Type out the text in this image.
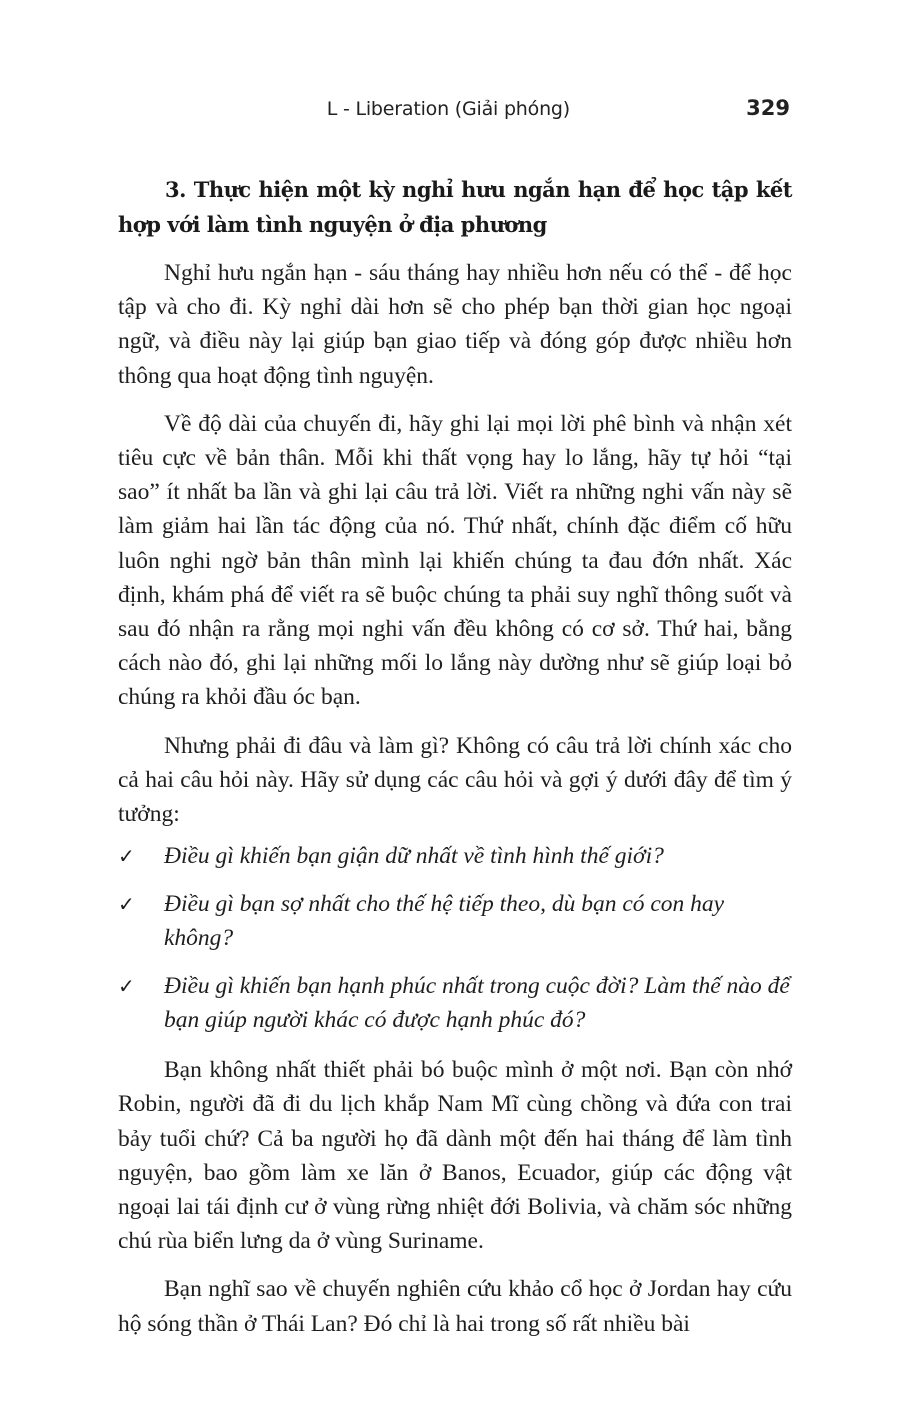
L - Liberation (Giải phóng)	329
3. Thực hiện một kỳ nghỉ hưu ngắn hạn để học tập kết hợp với làm tình nguyện ở địa phương

Nghỉ hưu ngắn hạn - sáu tháng hay nhiều hơn nếu có thể - để học tập và cho đi. Kỳ nghỉ dài hơn sẽ cho phép bạn thời gian học ngoại ngữ, và điều này lại giúp bạn giao tiếp và đóng góp được nhiều hơn thông qua hoạt động tình nguyện.

Về độ dài của chuyến đi, hãy ghi lại mọi lời phê bình và nhận xét tiêu cực về bản thân. Mỗi khi thất vọng hay lo lắng, hãy tự hỏi “tại sao” ít nhất ba lần và ghi lại câu trả lời. Viết ra những nghi vấn này sẽ làm giảm hai lần tác động của nó. Thứ nhất, chính đặc điểm cố hữu luôn nghi ngờ bản thân mình lại khiến chúng ta đau đớn nhất. Xác định, khám phá để viết ra sẽ buộc chúng ta phải suy nghĩ thông suốt và sau đó nhận ra rằng mọi nghi vấn đều không có cơ sở. Thứ hai, bằng cách nào đó, ghi lại những mối lo lắng này dường như sẽ giúp loại bỏ chúng ra khỏi đầu óc bạn.

Nhưng phải đi đâu và làm gì? Không có câu trả lời chính xác cho cả hai câu hỏi này. Hãy sử dụng các câu hỏi và gợi ý dưới đây để tìm ý tưởng:

✓	Điều gì khiến bạn giận dữ nhất về tình hình thế giới?
✓	Điều gì bạn sợ nhất cho thế hệ tiếp theo, dù bạn có con hay không?
✓	Điều gì khiến bạn hạnh phúc nhất trong cuộc đời? Làm thế nào để bạn giúp người khác có được hạnh phúc đó?

Bạn không nhất thiết phải bó buộc mình ở một nơi. Bạn còn nhớ Robin, người đã đi du lịch khắp Nam Mĩ cùng chồng và đứa con trai bảy tuổi chứ? Cả ba người họ đã dành một đến hai tháng để làm tình nguyện, bao gồm làm xe lăn ở Banos, Ecuador, giúp các động vật ngoại lai tái định cư ở vùng rừng nhiệt đới Bolivia, và chăm sóc những chú rùa biển lưng da ở vùng Suriname.

Bạn nghĩ sao về chuyến nghiên cứu khảo cổ học ở Jordan hay cứu hộ sóng thần ở Thái Lan? Đó chỉ là hai trong số rất nhiều bài
